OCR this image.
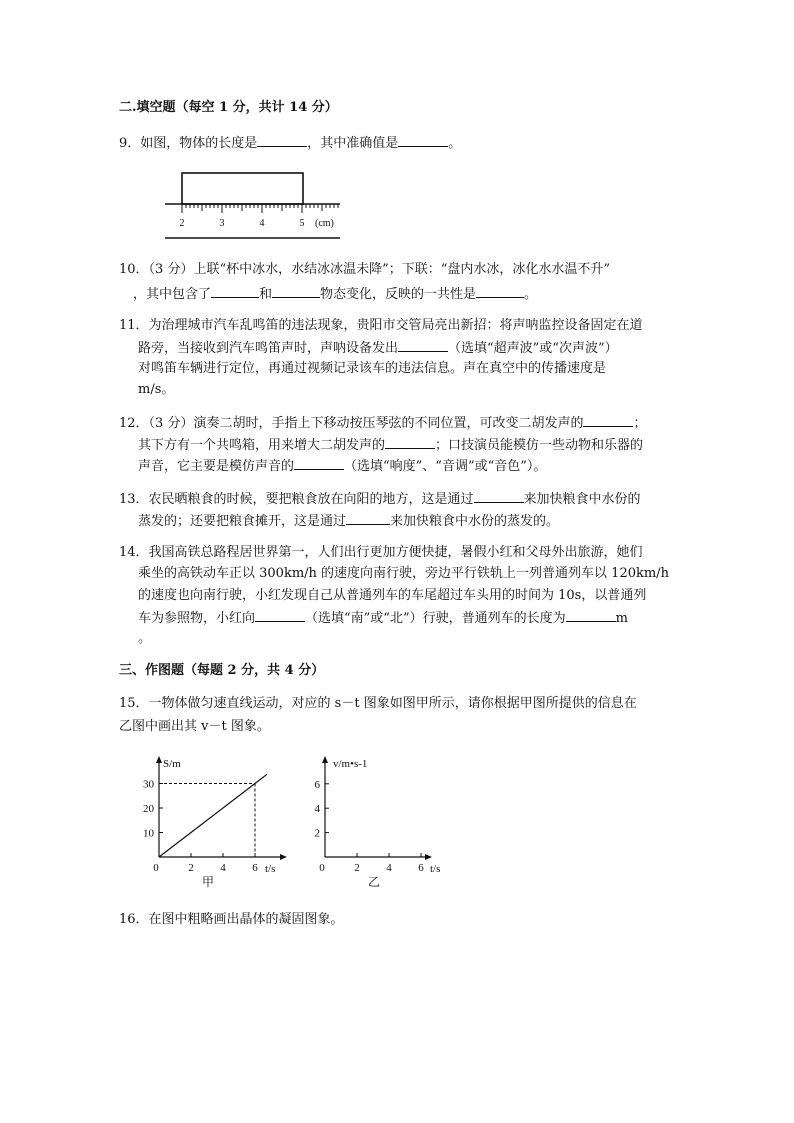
二.填空题（每空 1 分，共计 14 分）
9．如图，物体的长度是	，其中准确值是	。
2	3	4	5 (cm)
10．（3 分）上联“杯中冰水，水结冰冰温未降”；下联：“盘内水冰，冰化水水温不升”
，其中包含了	和	物态变化，反映的一共性是	。
11．为治理城市汽车乱鸣笛的违法现象，贵阳市交管局亮出新招：将声呐监控设备固定在道
路旁，当接收到汽车鸣笛声时，声呐设备发出	（选填“超声波”或“次声波”）
对鸣笛车辆进行定位，再通过视频记录该车的违法信息。声在真空中的传播速度是
m/s。
12．（3 分）演奏二胡时，手指上下移动按压琴弦的不同位置，可改变二胡发声的	；
其下方有一个共鸣箱，用来增大二胡发声的	；口技演员能模仿一些动物和乐器的
声音，它主要是模仿声音的	（选填“响度”、“音调”或“音色”）。
13．农民晒粮食的时候，要把粮食放在向阳的地方，这是通过	来加快粮食中水份的
蒸发的；还要把粮食摊开，这是通过	来加快粮食中水份的蒸发的。
14．我国高铁总路程居世界第一，人们出行更加方便快捷，暑假小红和父母外出旅游，她们
乘坐的高铁动车正以 300km/h 的速度向南行驶，旁边平行铁轨上一列普通列车以 120km/h
的速度也向南行驶，小红发现自己从普通列车的车尾超过车头用的时间为 10s，以普通列
车为参照物，小红向	（选填“南”或“北”）行驶，普通列车的长度为	m
。
三、作图题（每题 2 分，共 4 分）
15．一物体做匀速直线运动，对应的 s－t 图象如图甲所示，请你根据甲图所提供的信息在
乙图中画出其 v－t 图象。
S/m
t/s
甲
0	2 4 6
10
20
30
v/m•s-1
t/s
乙
0	2 4 6
2
4
6
16．在图中粗略画出晶体的凝固图象。
